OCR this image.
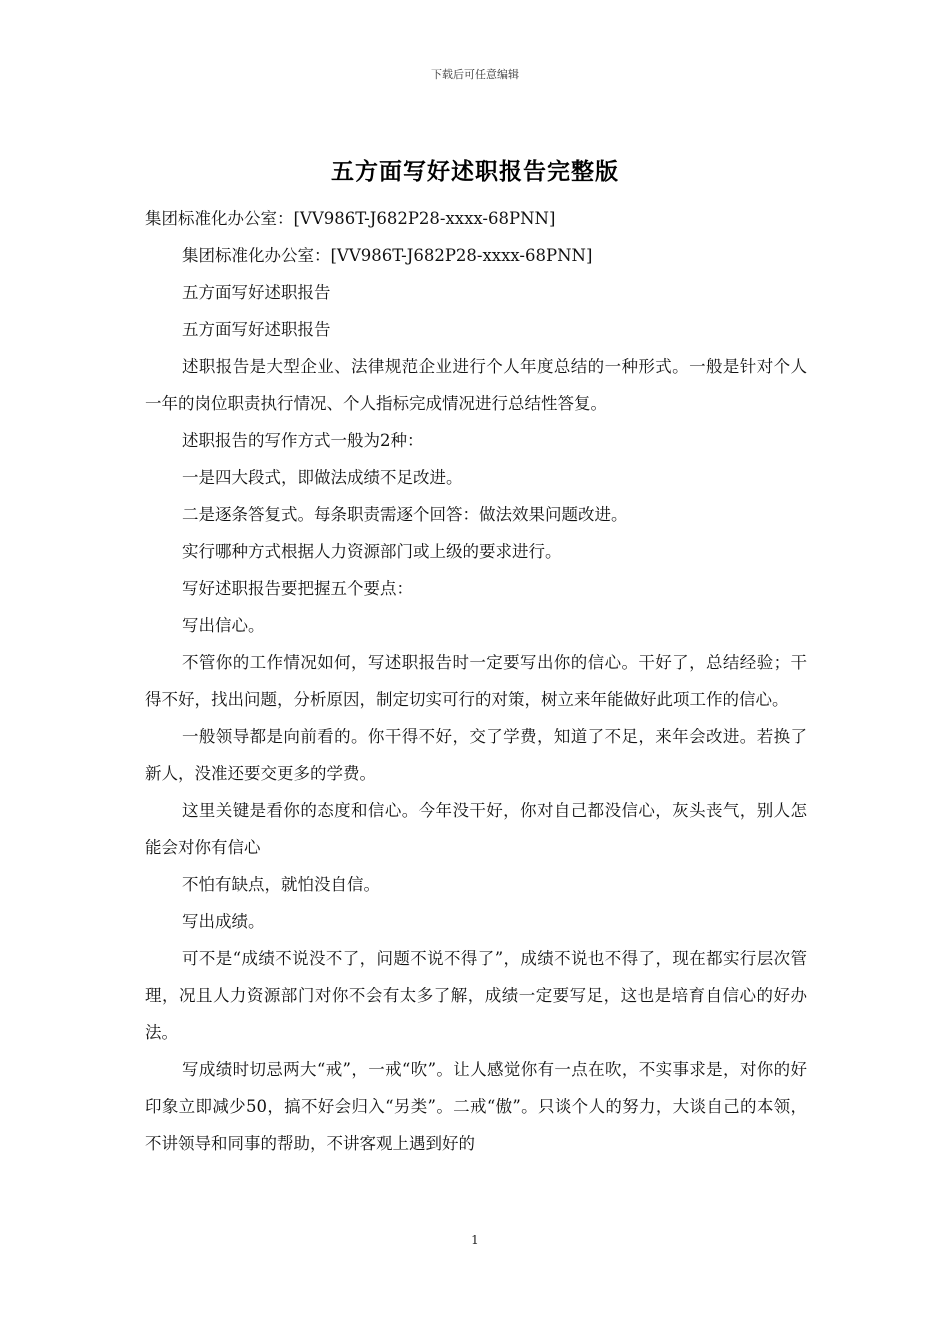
下载后可任意编辑
五方面写好述职报告完整版

集团标准化办公室：[VV986T-J682P28-xxxx-68PNN]

集团标准化办公室：[VV986T-J682P28-xxxx-68PNN]

五方面写好述职报告

五方面写好述职报告

述职报告是大型企业、法律规范企业进行个人年度总结的一种形式。一般是针对个人一年的岗位职责执行情况、个人指标完成情况进行总结性答复。

述职报告的写作方式一般为2种：

一是四大段式，即做法成绩不足改进。

二是逐条答复式。每条职责需逐个回答：做法效果问题改进。

实行哪种方式根据人力资源部门或上级的要求进行。

写好述职报告要把握五个要点：

写出信心。

不管你的工作情况如何，写述职报告时一定要写出你的信心。干好了，总结经验；干得不好，找出问题，分析原因，制定切实可行的对策，树立来年能做好此项工作的信心。

一般领导都是向前看的。你干得不好，交了学费，知道了不足，来年会改进。若换了新人，没准还要交更多的学费。

这里关键是看你的态度和信心。今年没干好，你对自己都没信心，灰头丧气，别人怎能会对你有信心

不怕有缺点，就怕没自信。

写出成绩。

可不是“成绩不说没不了，问题不说不得了”，成绩不说也不得了，现在都实行层次管理，况且人力资源部门对你不会有太多了解，成绩一定要写足，这也是培育自信心的好办法。

写成绩时切忌两大“戒”，一戒“吹”。让人感觉你有一点在吹，不实事求是，对你的好印象立即减少50，搞不好会归入“另类”。二戒“傲”。只谈个人的努力，大谈自己的本领，不讲领导和同事的帮助，不讲客观上遇到好的

1
